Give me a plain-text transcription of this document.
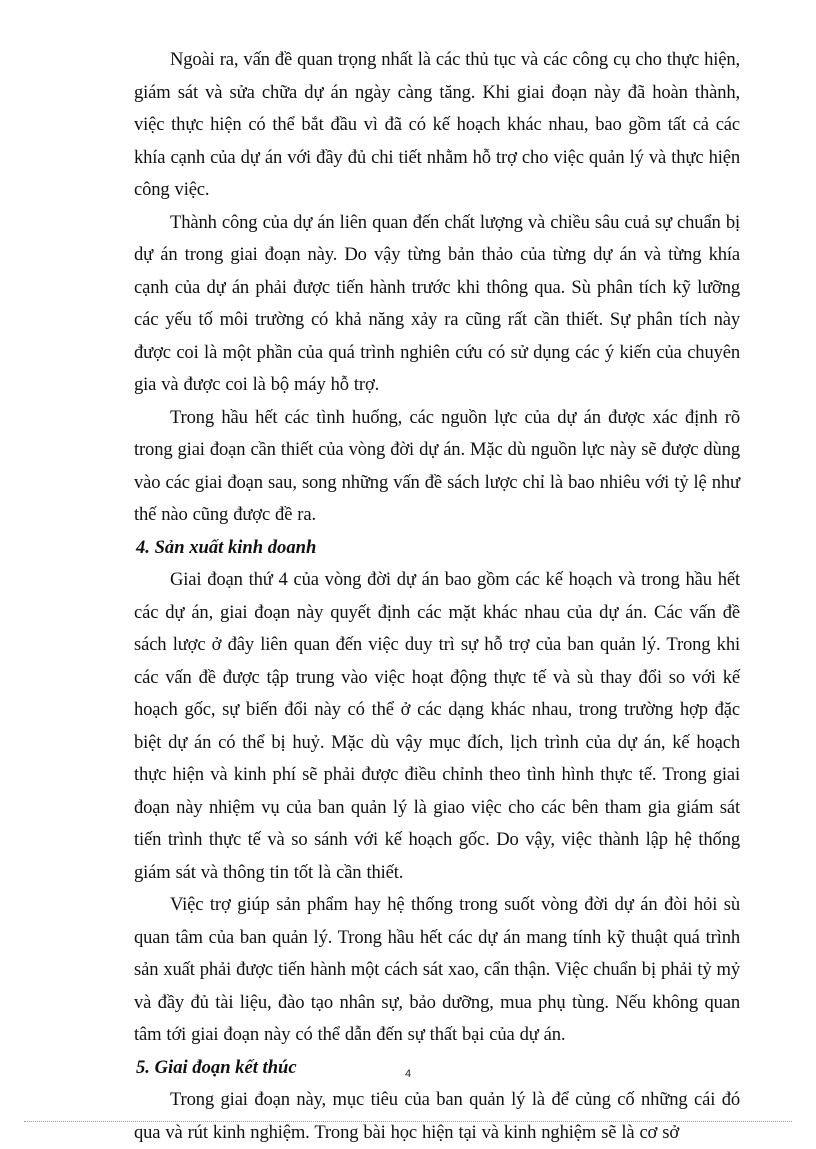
Ngoài ra, vấn đề quan trọng nhất là các thủ tục và các công cụ cho thực hiện, giám sát và sửa chữa dự án ngày càng tăng. Khi giai đoạn này đã hoàn thành, việc thực hiện có thể bắt đầu vì đã có kế hoạch khác nhau, bao gồm tất cả các khía cạnh của dự án với đầy đủ chi tiết nhằm hỗ trợ cho việc quản lý và thực hiện công việc.

Thành công của dự án liên quan đến chất lượng và chiều sâu cuả sự chuẩn bị dự án trong giai đoạn này. Do vậy từng bản thảo của từng dự án và từng khía cạnh của dự án phải được tiến hành trước khi thông qua. Sù phân tích kỹ lưỡng các yếu tố môi trường có khả năng xảy ra cũng rất cần thiết. Sự phân tích này được coi là một phần của quá trình nghiên cứu có sử dụng các ý kiến của chuyên gia và được coi là bộ máy hỗ trợ.

Trong hầu hết các tình huống, các nguồn lực của dự án được xác định rõ trong giai đoạn cần thiết của vòng đời dự án. Mặc dù nguồn lực này sẽ được dùng vào các giai đoạn sau, song những vấn đề sách lược chỉ là bao nhiêu với tỷ lệ như thế nào cũng được đề ra.

4. Sản xuất kinh doanh

Giai đoạn thứ 4 của vòng đời dự án bao gồm các kế hoạch và trong hầu hết các dự án, giai đoạn này quyết định các mặt khác nhau của dự án. Các vấn đề sách lược ở đây liên quan đến việc duy trì sự hỗ trợ của ban quản lý. Trong khi các vấn đề được tập trung vào việc hoạt động thực tế và sù thay đổi so với kế hoạch gốc, sự biến đổi này có thể ở các dạng khác nhau, trong trường hợp đặc biệt dự án có thể bị huỷ. Mặc dù vậy mục đích, lịch trình của dự án, kế hoạch thực hiện và kinh phí sẽ phải được điều chỉnh theo tình hình thực tế. Trong giai đoạn này nhiệm vụ của ban quản lý là giao việc cho các bên tham gia giám sát tiến trình thực tế và so sánh với kế hoạch gốc. Do vậy, việc thành lập hệ thống giám sát và thông tin tốt là cần thiết.

Việc trợ giúp sản phẩm hay hệ thống trong suốt vòng đời dự án đòi hỏi sù quan tâm của ban quản lý. Trong hầu hết các dự án mang tính kỹ thuật quá trình sản xuất phải được tiến hành một cách sát xao, cẩn thận. Việc chuẩn bị phải tỷ mỷ và đầy đủ tài liệu, đào tạo nhân sự, bảo dưỡng, mua phụ tùng. Nếu không quan tâm tới giai đoạn này có thể dẫn đến sự thất bại của dự án.

5. Giai đoạn kết thúc

Trong giai đoạn này, mục tiêu của ban quản lý là để củng cố những cái đó qua và rút kinh nghiệm. Trong bài học hiện tại và kinh nghiệm sẽ là cơ sở

4
